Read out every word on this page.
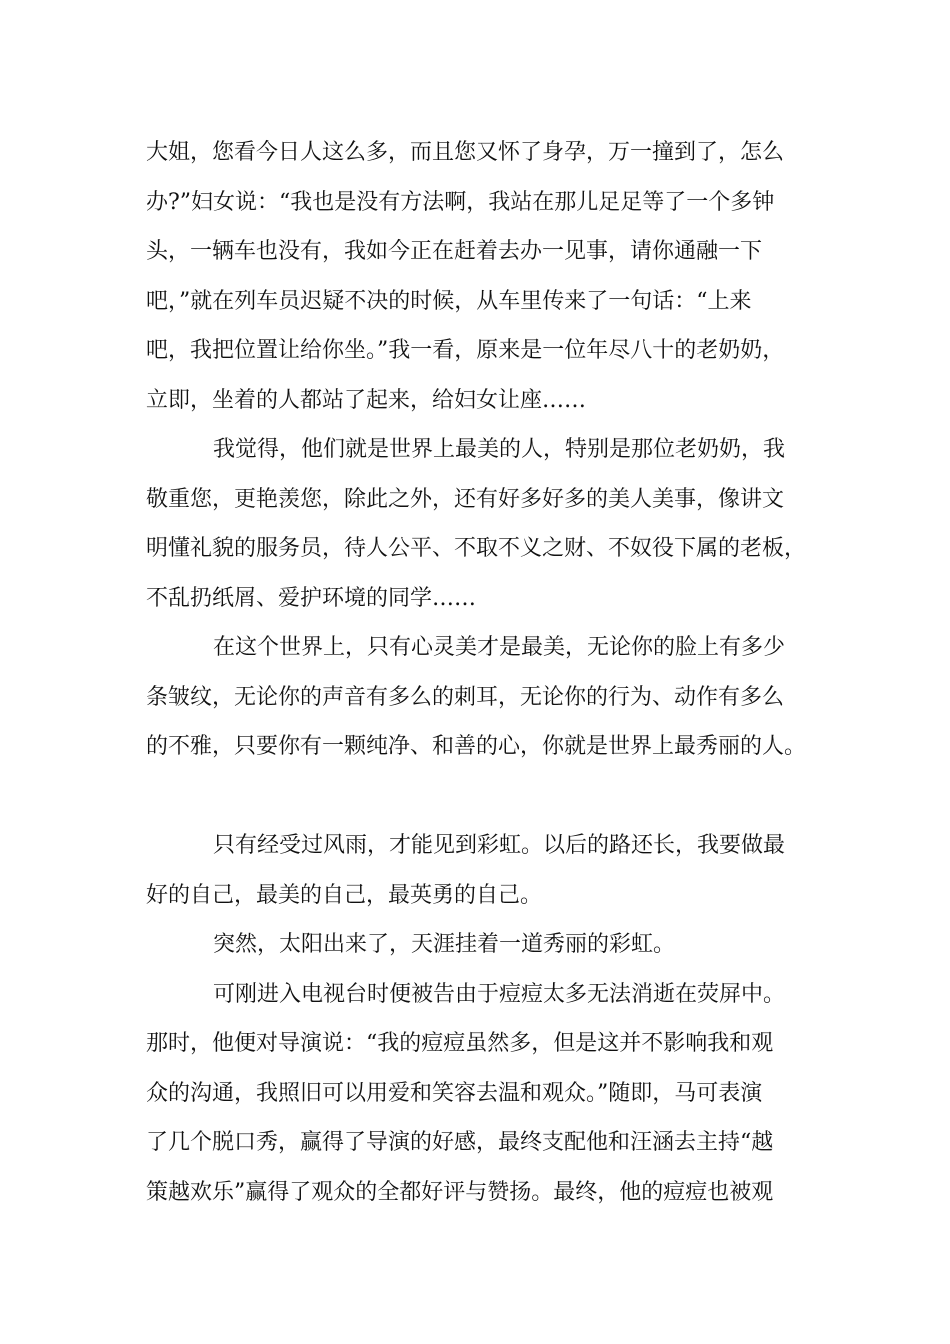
大姐，您看今日人这么多，而且您又怀了身孕，万一撞到了，怎么
办?”妇女说：“我也是没有方法啊，我站在那儿足足等了一个多钟
头，一辆车也没有，我如今正在赶着去办一见事，请你通融一下
吧，”就在列车员迟疑不决的时候，从车里传来了一句话：“上来
吧，我把位置让给你坐。”我一看，原来是一位年尽八十的老奶奶，
立即，坐着的人都站了起来，给妇女让座……
我觉得，他们就是世界上最美的人，特别是那位老奶奶，我
敬重您，更艳羡您，除此之外，还有好多好多的美人美事，像讲文
明懂礼貌的服务员，待人公平、不取不义之财、不奴役下属的老板，
不乱扔纸屑、爱护环境的同学……
在这个世界上，只有心灵美才是最美，无论你的脸上有多少
条皱纹，无论你的声音有多么的刺耳，无论你的行为、动作有多么
的不雅，只要你有一颗纯净、和善的心，你就是世界上最秀丽的人。
只有经受过风雨，才能见到彩虹。以后的路还长，我要做最
好的自己，最美的自己，最英勇的自己。
突然，太阳出来了，天涯挂着一道秀丽的彩虹。
可刚进入电视台时便被告由于痘痘太多无法消逝在荧屏中。
那时，他便对导演说：“我的痘痘虽然多，但是这并不影响我和观
众的沟通，我照旧可以用爱和笑容去温和观众。”随即，马可表演
了几个脱口秀，赢得了导演的好感，最终支配他和汪涵去主持“越
策越欢乐”赢得了观众的全都好评与赞扬。最终，他的痘痘也被观
